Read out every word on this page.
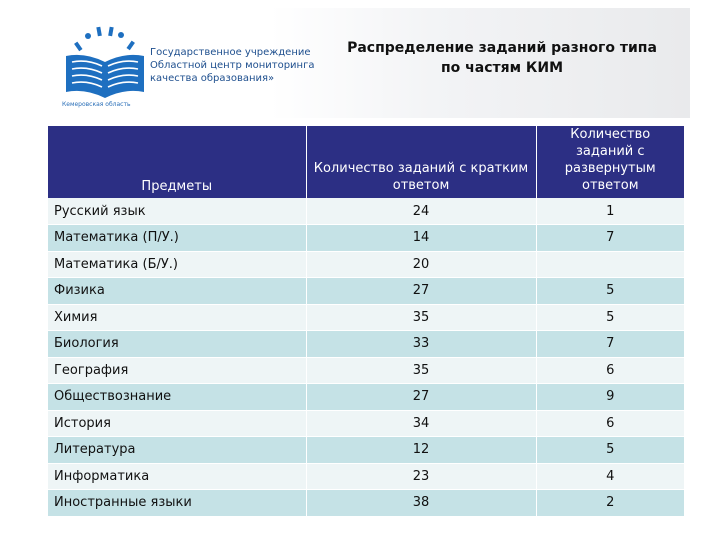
Государственное учреждение
Областной центр мониторинга
качества образования»
Кемеровская область
Распределение заданий разного типа
по частям КИМ
Предметы	Количество заданий с кратким ответом	Количество заданий с развернутым ответом
Русский язык	24	1
Математика (П/У.)	14	7
Математика (Б/У.)	20	
Физика	27	5
Химия	35	5
Биология	33	7
География	35	6
Обществознание	27	9
История	34	6
Литература	12	5
Информатика	23	4
Иностранные языки	38	2
